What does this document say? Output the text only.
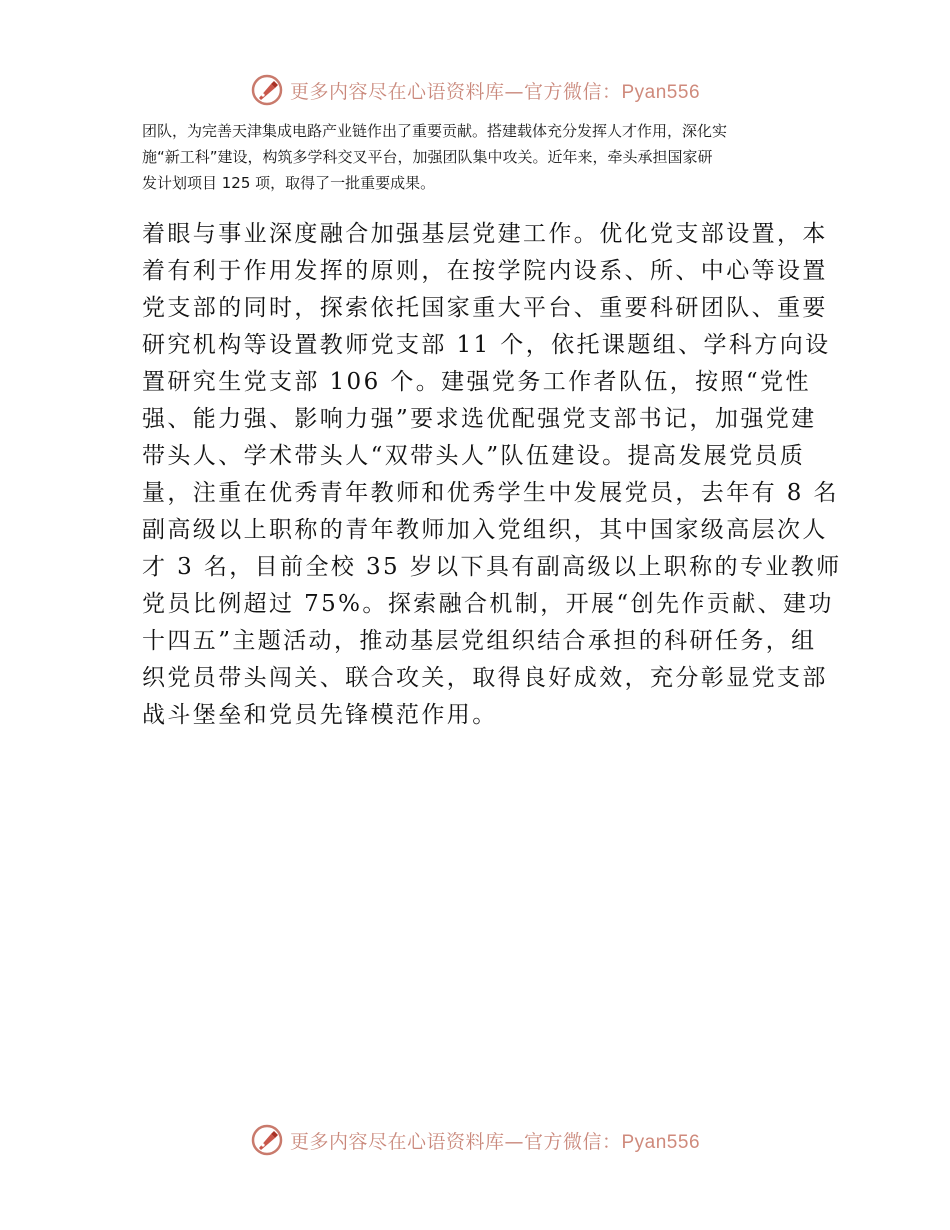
更多内容尽在心语资料库—官方微信：Pyan556

团队，为完善天津集成电路产业链作出了重要贡献。搭建载体充分发挥人才作用，深化实
施“新工科”建设，构筑多学科交叉平台，加强团队集中攻关。近年来，牵头承担国家研
发计划项目 125 项，取得了一批重要成果。

着眼与事业深度融合加强基层党建工作。优化党支部设置，本
着有利于作用发挥的原则，在按学院内设系、所、中心等设置
党支部的同时，探索依托国家重大平台、重要科研团队、重要
研究机构等设置教师党支部 11 个，依托课题组、学科方向设
置研究生党支部 106 个。建强党务工作者队伍，按照“党性
强、能力强、影响力强”要求选优配强党支部书记，加强党建
带头人、学术带头人“双带头人”队伍建设。提高发展党员质
量，注重在优秀青年教师和优秀学生中发展党员，去年有 8 名
副高级以上职称的青年教师加入党组织，其中国家级高层次人
才 3 名，目前全校 35 岁以下具有副高级以上职称的专业教师
党员比例超过 75%。探索融合机制，开展“创先作贡献、建功
十四五”主题活动，推动基层党组织结合承担的科研任务，组
织党员带头闯关、联合攻关，取得良好成效，充分彰显党支部
战斗堡垒和党员先锋模范作用。

更多内容尽在心语资料库—官方微信：Pyan556
